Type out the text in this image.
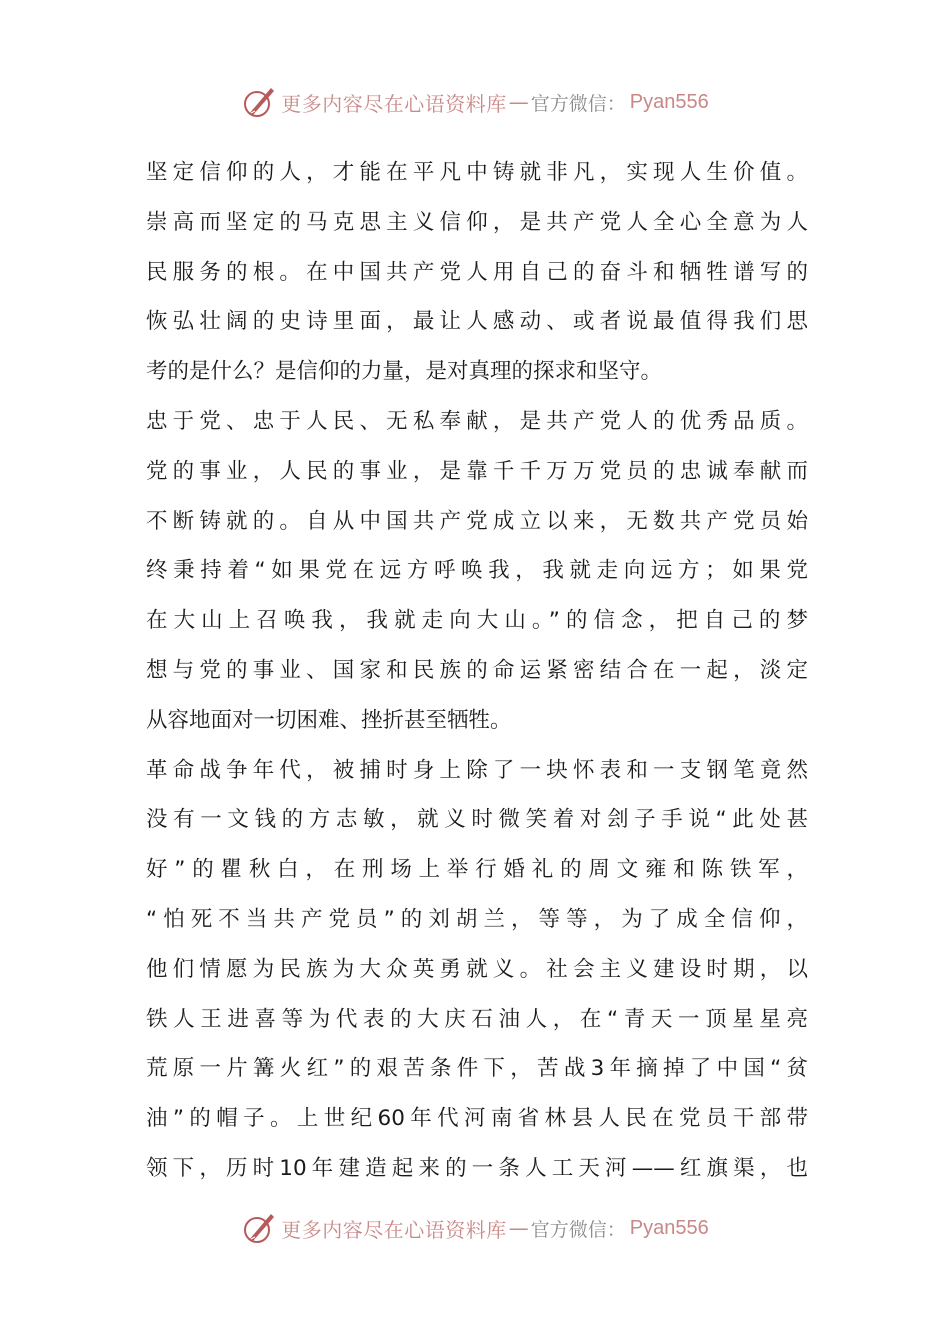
更多内容尽在心语资料库 — 官方微信： Pyan556
坚定信仰的人，才能在平凡中铸就非凡，实现人生价值。
崇高而坚定的马克思主义信仰，是共产党人全心全意为人
民服务的根。在中国共产党人用自己的奋斗和牺牲谱写的
恢弘壮阔的史诗里面，最让人感动、或者说最值得我们思
考的是什么？是信仰的力量，是对真理的探求和坚守。
忠于党、忠于人民、无私奉献，是共产党人的优秀品质。
党的事业，人民的事业，是靠千千万万党员的忠诚奉献而
不断铸就的。自从中国共产党成立以来，无数共产党员始
终秉持着“如果党在远方呼唤我，我就走向远方；如果党
在大山上召唤我，我就走向大山。”的信念，把自己的梦
想与党的事业、国家和民族的命运紧密结合在一起，淡定
从容地面对一切困难、挫折甚至牺牲。
革命战争年代，被捕时身上除了一块怀表和一支钢笔竟然
没有一文钱的方志敏，就义时微笑着对刽子手说“此处甚
好”的瞿秋白，在刑场上举行婚礼的周文雍和陈铁军，
“怕死不当共产党员”的刘胡兰，等等，为了成全信仰，
他们情愿为民族为大众英勇就义。社会主义建设时期，以
铁人王进喜等为代表的大庆石油人，在“青天一顶星星亮
荒原一片篝火红”的艰苦条件下，苦战3年摘掉了中国“贫
油”的帽子。上世纪60年代河南省林县人民在党员干部带
领下，历时10年建造起来的一条人工天河——红旗渠，也
更多内容尽在心语资料库 — 官方微信： Pyan556
